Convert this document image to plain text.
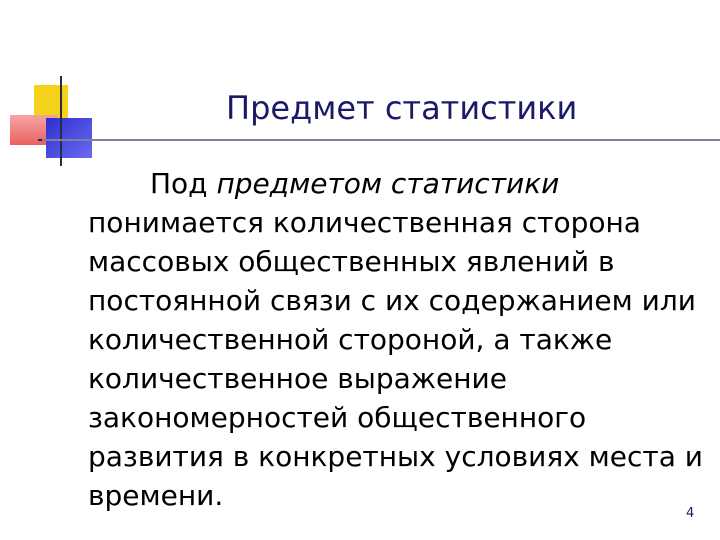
Предмет статистики
Под предметом статистики
понимается количественная сторона
массовых общественных явлений в
постоянной связи с их содержанием или
количественной стороной, а также
количественное выражение
закономерностей общественного
развития в конкретных условиях места и
времени.
4
